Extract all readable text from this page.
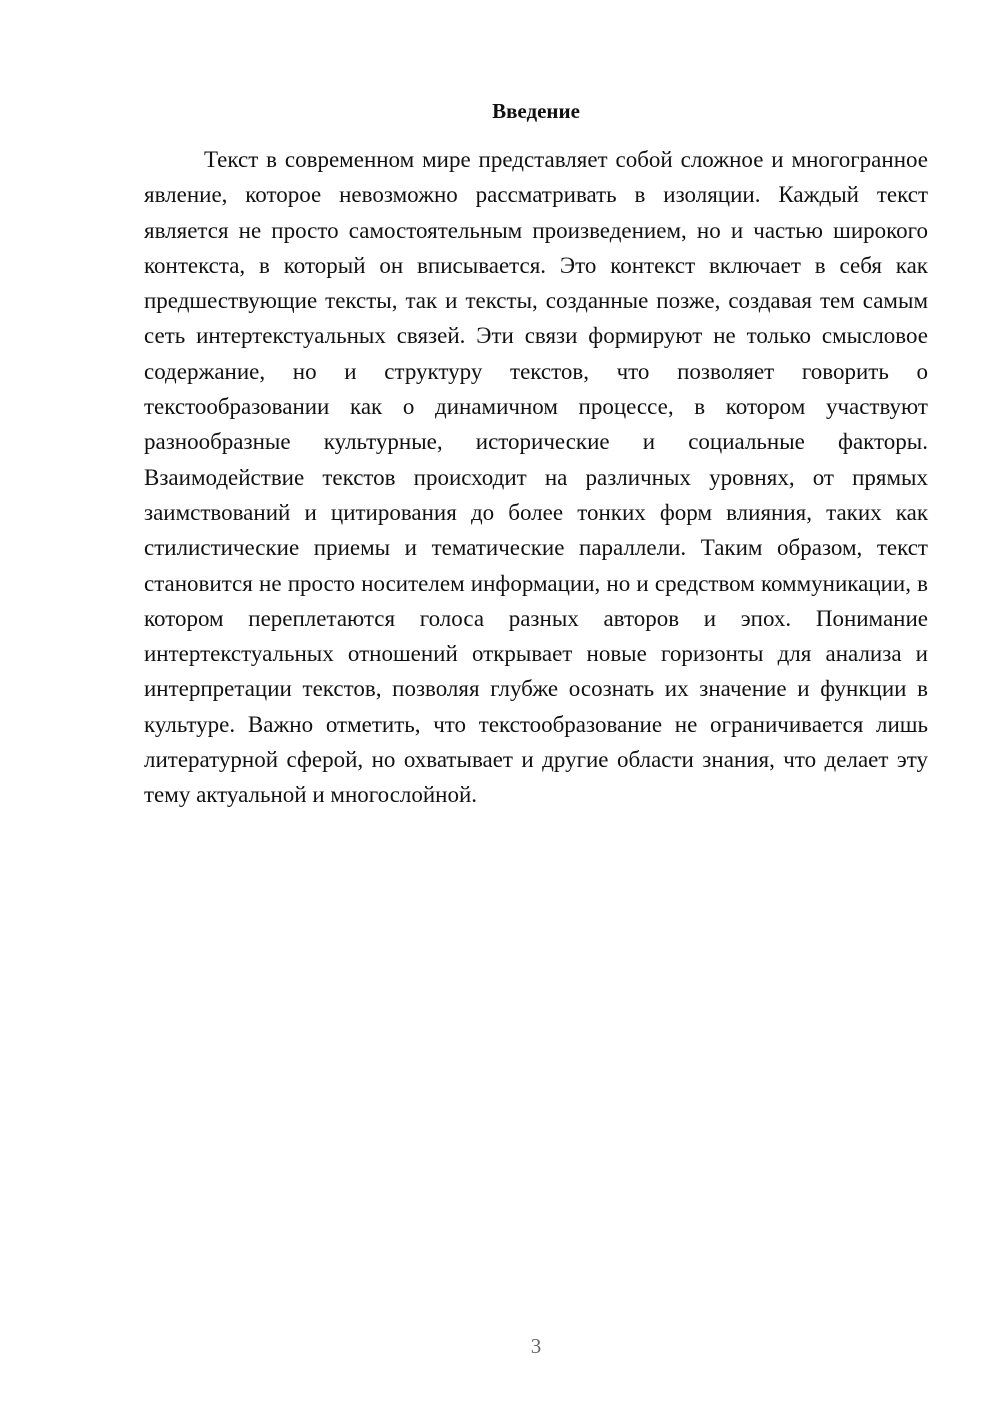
Введение

Текст в современном мире представляет собой сложное и многогранное явление, которое невозможно рассматривать в изоляции. Каждый текст является не просто самостоятельным произведением, но и частью широкого контекста, в который он вписывается. Это контекст включает в себя как предшествующие тексты, так и тексты, созданные позже, создавая тем самым сеть интертекстуальных связей. Эти связи формируют не только смысловое содержание, но и структуру текстов, что позволяет говорить о текстообразовании как о динамичном процессе, в котором участвуют разнообразные культурные, исторические и социальные факторы. Взаимодействие текстов происходит на различных уровнях, от прямых заимствований и цитирования до более тонких форм влияния, таких как стилистические приемы и тематические параллели. Таким образом, текст становится не просто носителем информации, но и средством коммуникации, в котором переплетаются голоса разных авторов и эпох. Понимание интертекстуальных отношений открывает новые горизонты для анализа и интерпретации текстов, позволяя глубже осознать их значение и функции в культуре. Важно отметить, что текстообразование не ограничивается лишь литературной сферой, но охватывает и другие области знания, что делает эту тему актуальной и многослойной.

3
